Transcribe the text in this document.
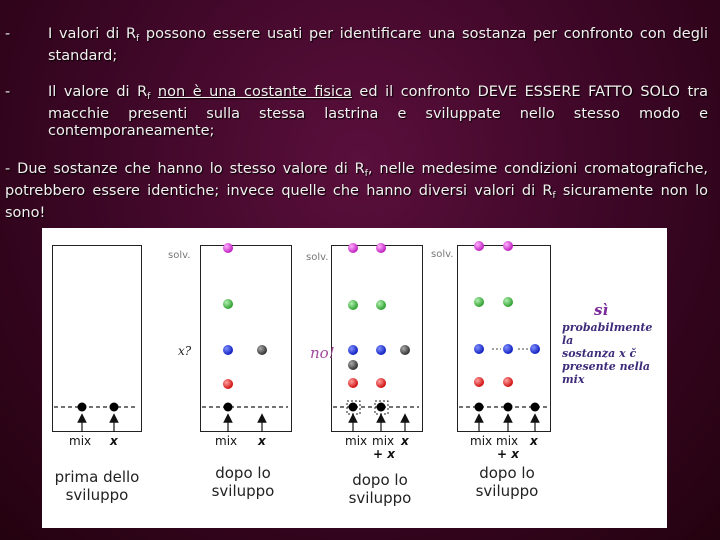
-	I valori di $R_f$ possono essere usati per identificare una sostanza per confronto con degli standard;
-	Il valore di $R_f$ non è una costante fisica ed il confronto DEVE ESSERE FATTO SOLO tra macchie presenti sulla stessa lastrina e sviluppate nello stesso modo e contemporaneamente;
- Due sostanze che hanno lo stesso valore di $R_f$, nelle medesime condizioni cromatografiche, potrebbero essere identiche; invece quelle che hanno diversi valori di $R_f$ sicuramente non lo sono!
solv.	solv.	solv.
x?	no!
mix x	mix x	mix mix
+ x
x	mix mix
+ x
x
prima dello
sviluppo
dopo lo
sviluppo
dopo lo
sviluppo
dopo lo
sviluppo
sì
probabilmente la
sostanza x č
presente nella
mix
